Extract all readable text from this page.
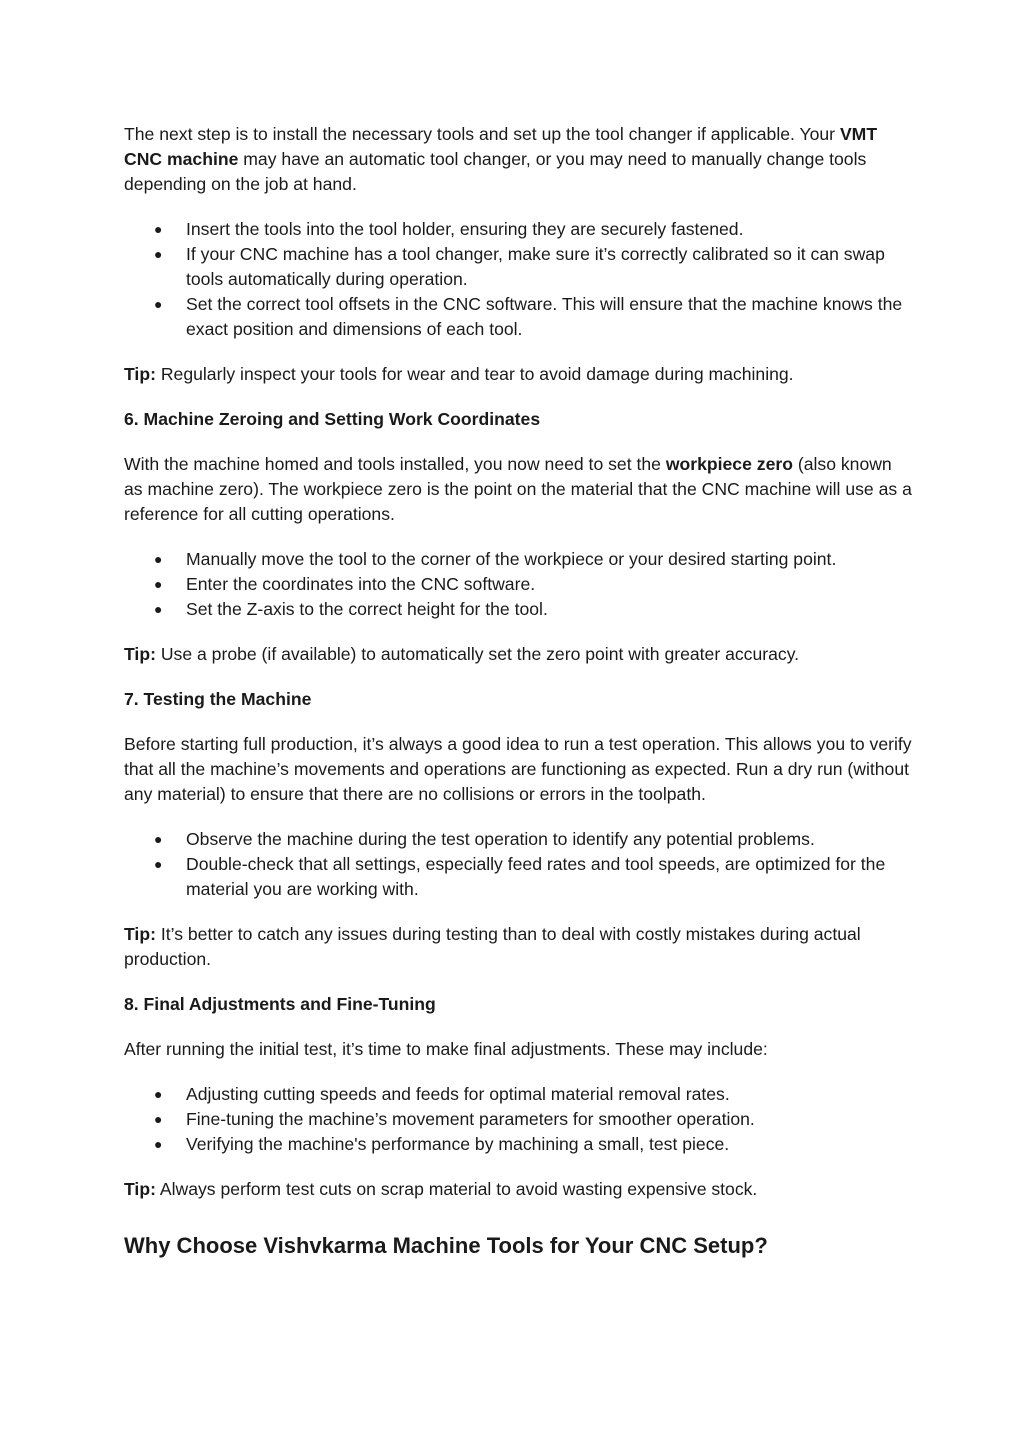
The next step is to install the necessary tools and set up the tool changer if applicable. Your VMT CNC machine may have an automatic tool changer, or you may need to manually change tools depending on the job at hand.

● Insert the tools into the tool holder, ensuring they are securely fastened.
● If your CNC machine has a tool changer, make sure it’s correctly calibrated so it can swap tools automatically during operation.
● Set the correct tool offsets in the CNC software. This will ensure that the machine knows the exact position and dimensions of each tool.

Tip: Regularly inspect your tools for wear and tear to avoid damage during machining.

6. Machine Zeroing and Setting Work Coordinates

With the machine homed and tools installed, you now need to set the workpiece zero (also known as machine zero). The workpiece zero is the point on the material that the CNC machine will use as a reference for all cutting operations.

● Manually move the tool to the corner of the workpiece or your desired starting point.
● Enter the coordinates into the CNC software.
● Set the Z-axis to the correct height for the tool.

Tip: Use a probe (if available) to automatically set the zero point with greater accuracy.

7. Testing the Machine

Before starting full production, it’s always a good idea to run a test operation. This allows you to verify that all the machine’s movements and operations are functioning as expected. Run a dry run (without any material) to ensure that there are no collisions or errors in the toolpath.

● Observe the machine during the test operation to identify any potential problems.
● Double-check that all settings, especially feed rates and tool speeds, are optimized for the material you are working with.

Tip: It’s better to catch any issues during testing than to deal with costly mistakes during actual production.

8. Final Adjustments and Fine-Tuning

After running the initial test, it’s time to make final adjustments. These may include:

● Adjusting cutting speeds and feeds for optimal material removal rates.
● Fine-tuning the machine’s movement parameters for smoother operation.
● Verifying the machine's performance by machining a small, test piece.

Tip: Always perform test cuts on scrap material to avoid wasting expensive stock.

Why Choose Vishvkarma Machine Tools for Your CNC Setup?
